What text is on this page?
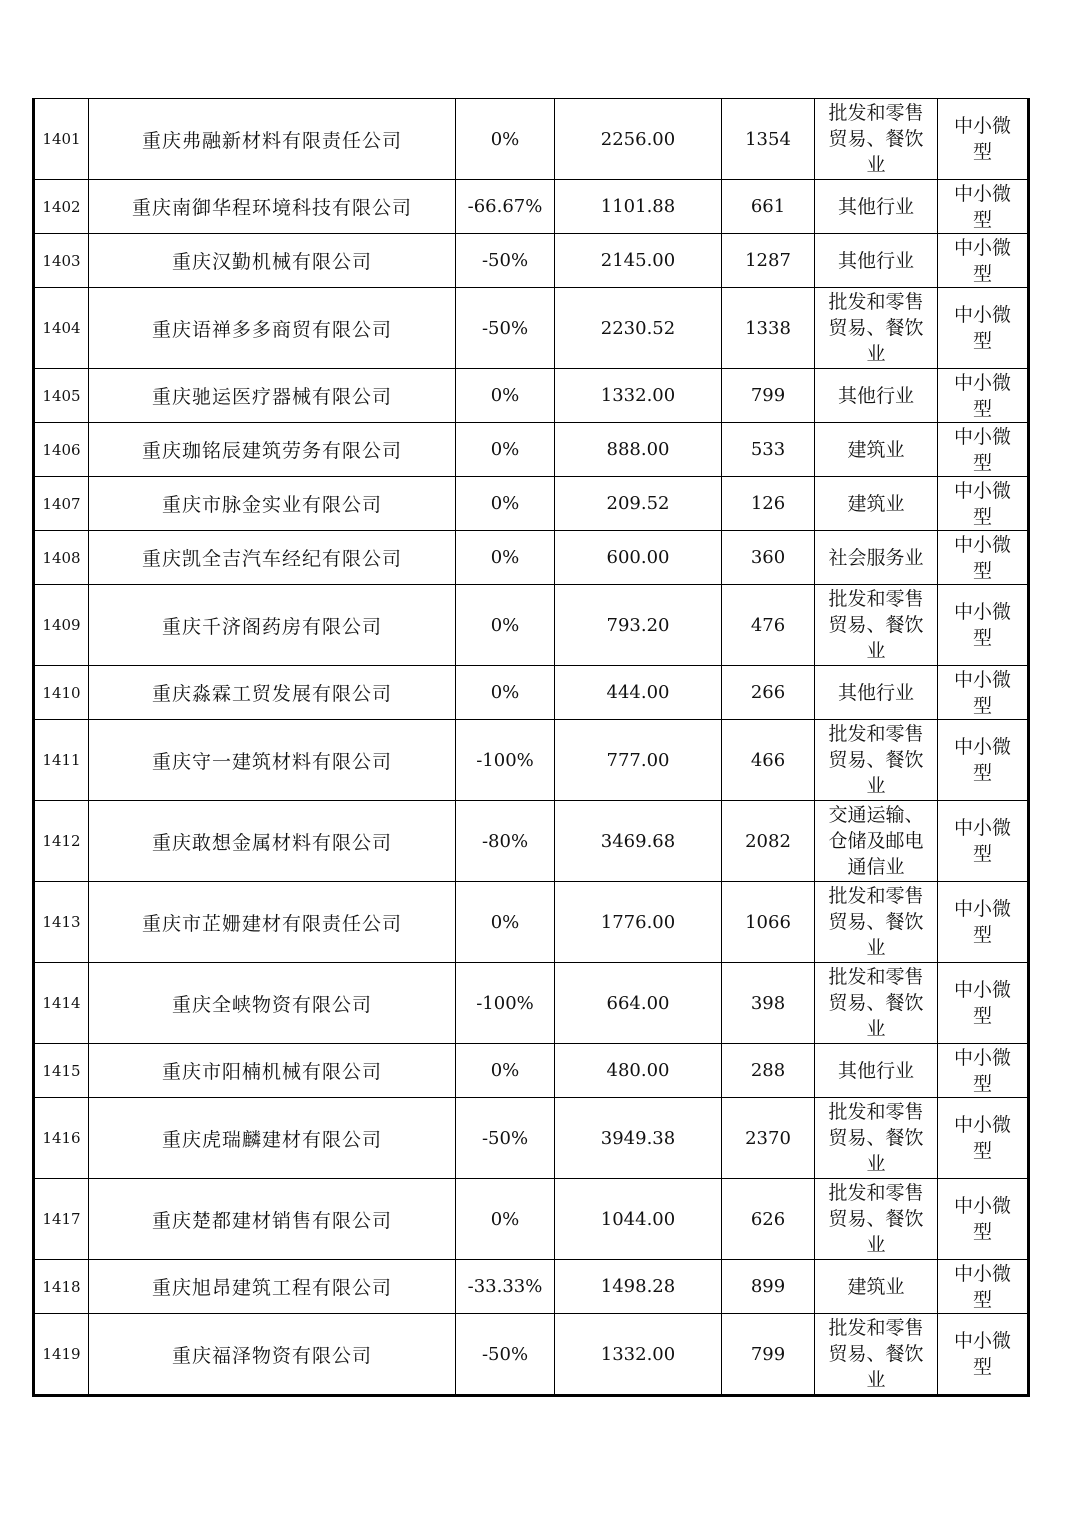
1401	重庆弗融新材料有限责任公司	0%	2256.00	1354	批发和零售
贸易、餐饮
业	中小微
型

1402	重庆南御华程环境科技有限公司	-66.67%	1101.88	661	其他行业	中小微
型

1403	重庆汉勤机械有限公司	-50%	2145.00	1287	其他行业	中小微
型

1404	重庆语禅多多商贸有限公司	-50%	2230.52	1338	批发和零售
贸易、餐饮
业	中小微
型

1405	重庆驰运医疗器械有限公司	0%	1332.00	799	其他行业	中小微
型

1406	重庆珈铭辰建筑劳务有限公司	0%	888.00	533	建筑业	中小微
型

1407	重庆市脉金实业有限公司	0%	209.52	126	建筑业	中小微
型

1408	重庆凯全吉汽车经纪有限公司	0%	600.00	360	社会服务业	中小微
型

1409	重庆千济阁药房有限公司	0%	793.20	476	批发和零售
贸易、餐饮
业	中小微
型

1410	重庆淼霖工贸发展有限公司	0%	444.00	266	其他行业	中小微
型

1411	重庆守一建筑材料有限公司	-100%	777.00	466	批发和零售
贸易、餐饮
业	中小微
型

1412	重庆敢想金属材料有限公司	-80%	3469.68	2082	交通运输、
仓储及邮电
通信业	中小微
型

1413	重庆市芷姗建材有限责任公司	0%	1776.00	1066	批发和零售
贸易、餐饮
业	中小微
型

1414	重庆全峡物资有限公司	-100%	664.00	398	批发和零售
贸易、餐饮
业	中小微
型

1415	重庆市阳楠机械有限公司	0%	480.00	288	其他行业	中小微
型

1416	重庆虎瑞麟建材有限公司	-50%	3949.38	2370	批发和零售
贸易、餐饮
业	中小微
型

1417	重庆楚都建材销售有限公司	0%	1044.00	626	批发和零售
贸易、餐饮
业	中小微
型

1418	重庆旭昂建筑工程有限公司	-33.33%	1498.28	899	建筑业	中小微
型

1419	重庆福泽物资有限公司	-50%	1332.00	799	批发和零售
贸易、餐饮
业	中小微
型
